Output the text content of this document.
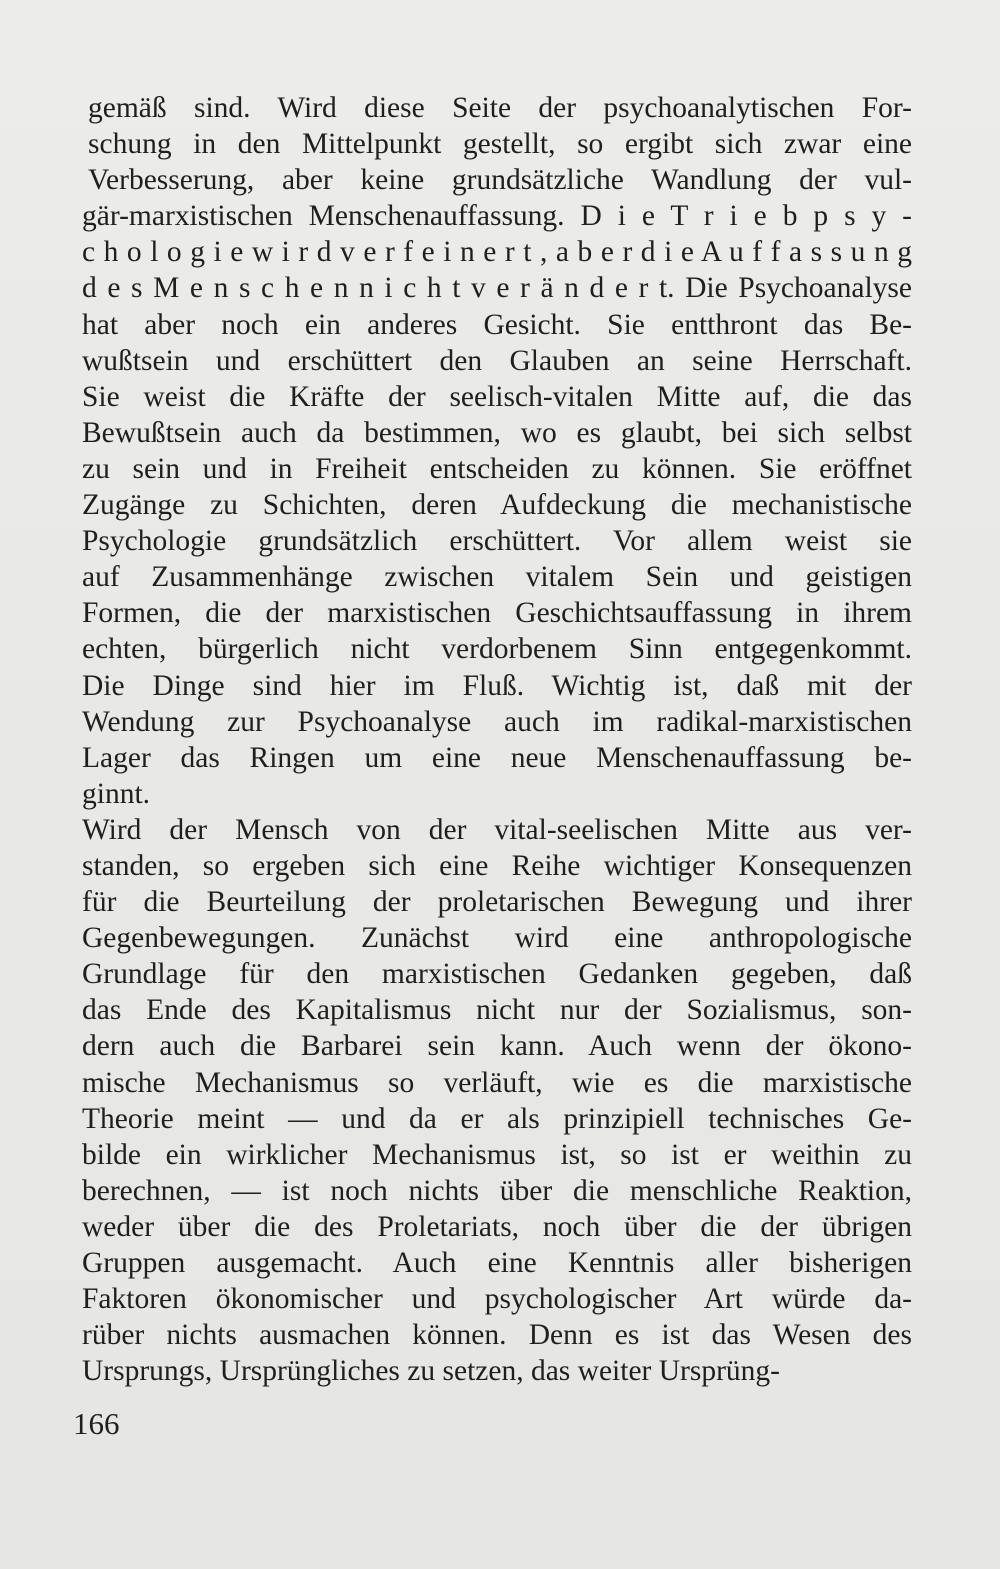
gemäß sind. Wird diese Seite der psychoanalytischen For-
schung in den Mittelpunkt gestellt, so ergibt sich zwar eine
Verbesserung, aber keine grundsätzliche Wandlung der vul-
gär-marxistischen Menschenauffassung. D i e T r i e b p s y -
c h o l o g i e w i r d v e r f e i n e r t , a b e r d i e A u f f a s s u n g
d e s M e n s c h e n n i c h t v e r ä n d e r t. Die Psychoanalyse
hat aber noch ein anderes Gesicht. Sie entthront das Be-
wußtsein und erschüttert den Glauben an seine Herrschaft.
Sie weist die Kräfte der seelisch-vitalen Mitte auf, die das
Bewußtsein auch da bestimmen, wo es glaubt, bei sich selbst
zu sein und in Freiheit entscheiden zu können. Sie eröffnet
Zugänge zu Schichten, deren Aufdeckung die mechanistische
Psychologie grundsätzlich erschüttert. Vor allem weist sie
auf Zusammenhänge zwischen vitalem Sein und geistigen
Formen, die der marxistischen Geschichtsauffassung in ihrem
echten, bürgerlich nicht verdorbenem Sinn entgegenkommt.
Die Dinge sind hier im Fluß. Wichtig ist, daß mit der
Wendung zur Psychoanalyse auch im radikal-marxistischen
Lager das Ringen um eine neue Menschenauffassung be-
ginnt.
Wird der Mensch von der vital-seelischen Mitte aus ver-
standen, so ergeben sich eine Reihe wichtiger Konsequenzen
für die Beurteilung der proletarischen Bewegung und ihrer
Gegenbewegungen. Zunächst wird eine anthropologische
Grundlage für den marxistischen Gedanken gegeben, daß
das Ende des Kapitalismus nicht nur der Sozialismus, son-
dern auch die Barbarei sein kann. Auch wenn der ökono-
mische Mechanismus so verläuft, wie es die marxistische
Theorie meint — und da er als prinzipiell technisches Ge-
bilde ein wirklicher Mechanismus ist, so ist er weithin zu
berechnen, — ist noch nichts über die menschliche Reaktion,
weder über die des Proletariats, noch über die der übrigen
Gruppen ausgemacht. Auch eine Kenntnis aller bisherigen
Faktoren ökonomischer und psychologischer Art würde da-
rüber nichts ausmachen können. Denn es ist das Wesen des
Ursprungs, Ursprüngliches zu setzen, das weiter Ursprüng-
166
